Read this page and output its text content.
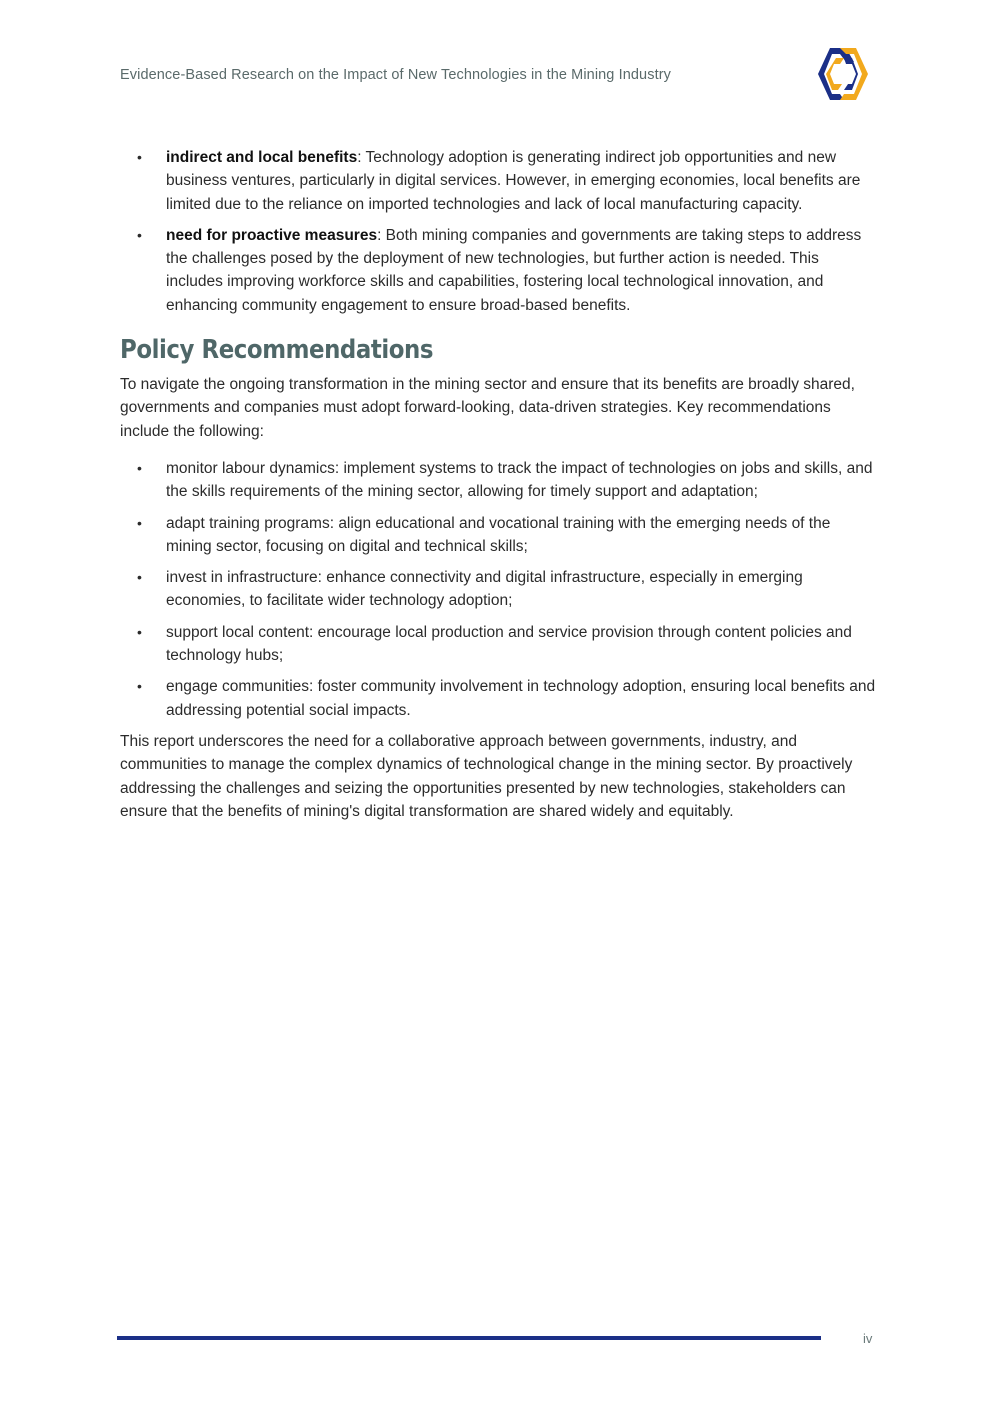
Evidence-Based Research on the Impact of New Technologies in the Mining Industry
• indirect and local benefits: Technology adoption is generating indirect job opportunities and new business ventures, particularly in digital services. However, in emerging economies, local benefits are limited due to the reliance on imported technologies and lack of local manufacturing capacity.
• need for proactive measures: Both mining companies and governments are taking steps to address the challenges posed by the deployment of new technologies, but further action is needed. This includes improving workforce skills and capabilities, fostering local technological innovation, and enhancing community engagement to ensure broad-based benefits.
Policy Recommendations

To navigate the ongoing transformation in the mining sector and ensure that its benefits are broadly shared, governments and companies must adopt forward-looking, data-driven strategies. Key recommendations include the following:

• monitor labour dynamics: implement systems to track the impact of technologies on jobs and skills, and the skills requirements of the mining sector, allowing for timely support and adaptation;
• adapt training programs: align educational and vocational training with the emerging needs of the mining sector, focusing on digital and technical skills;
• invest in infrastructure: enhance connectivity and digital infrastructure, especially in emerging economies, to facilitate wider technology adoption;
• support local content: encourage local production and service provision through content policies and technology hubs;
• engage communities: foster community involvement in technology adoption, ensuring local benefits and addressing potential social impacts.

This report underscores the need for a collaborative approach between governments, industry, and communities to manage the complex dynamics of technological change in the mining sector. By proactively addressing the challenges and seizing the opportunities presented by new technologies, stakeholders can ensure that the benefits of mining's digital transformation are shared widely and equitably.

iv
